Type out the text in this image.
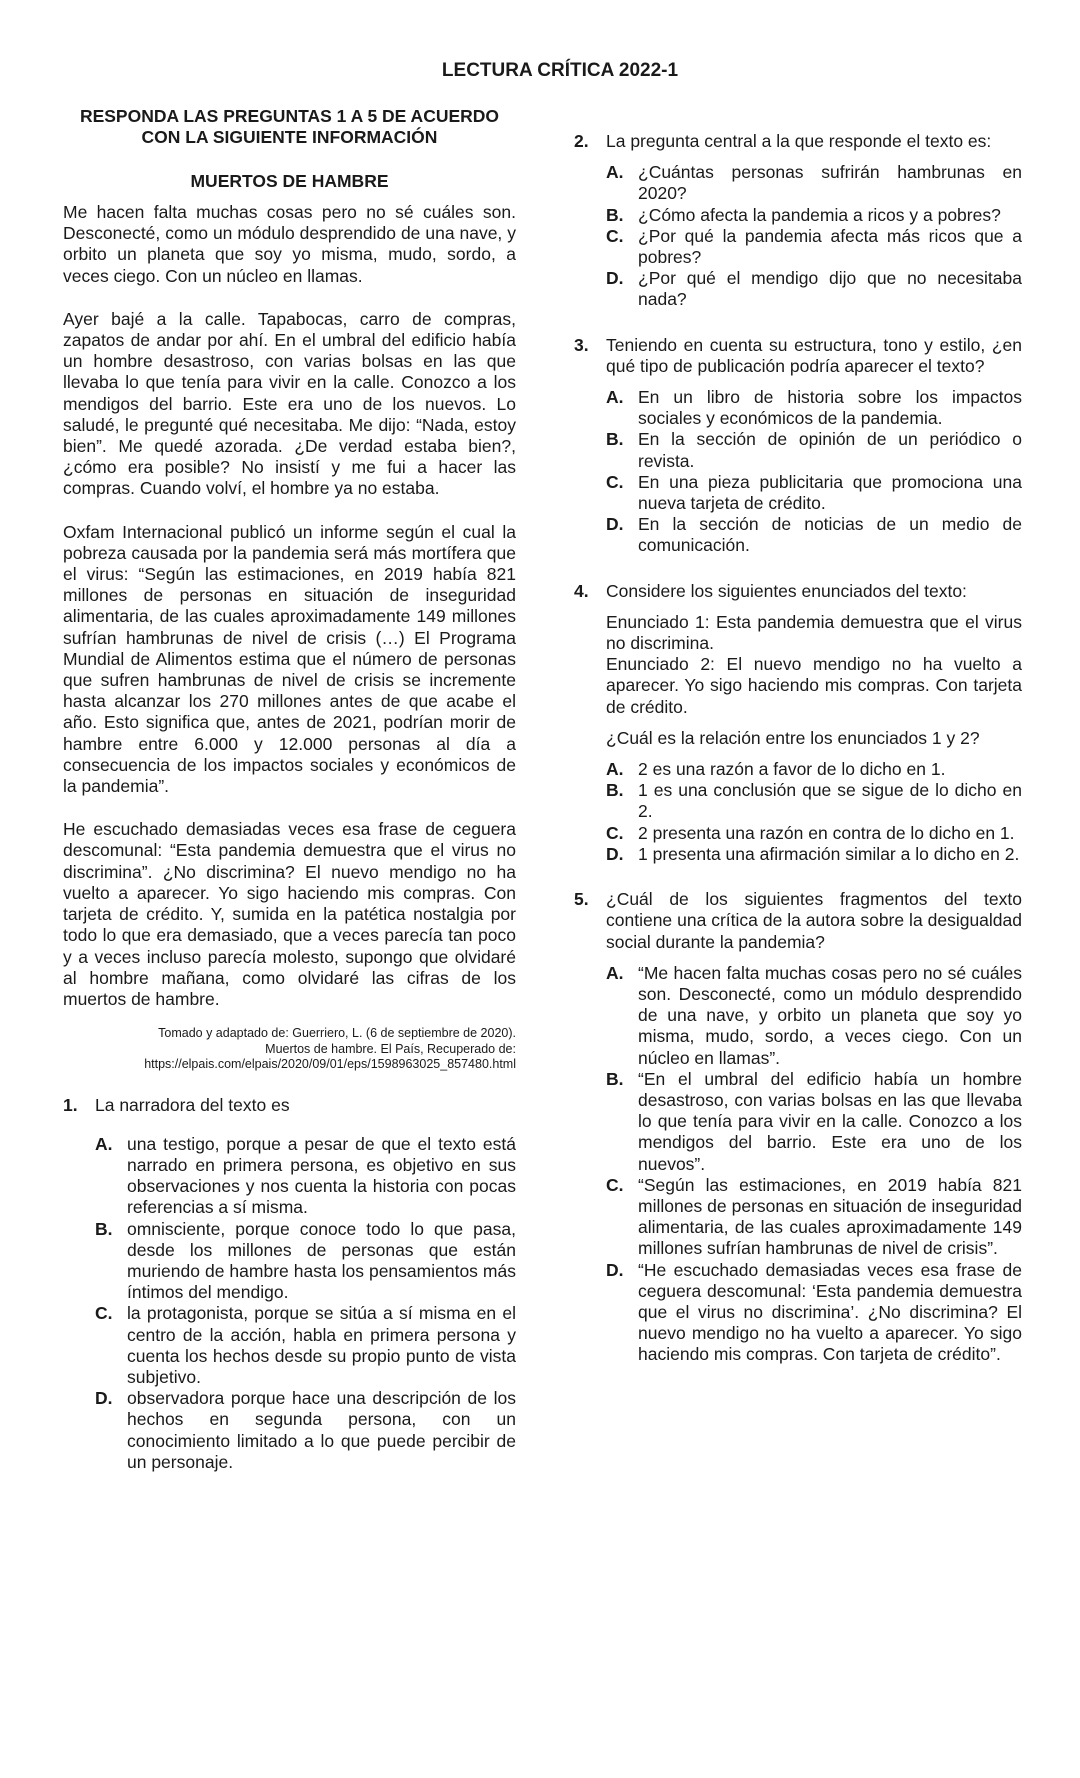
LECTURA CRÍTICA 2022-1

RESPONDA LAS PREGUNTAS 1 A 5 DE ACUERDO CON LA SIGUIENTE INFORMACIÓN

MUERTOS DE HAMBRE

Me hacen falta muchas cosas pero no sé cuáles son. Desconecté, como un módulo desprendido de una nave, y orbito un planeta que soy yo misma, mudo, sordo, a veces ciego. Con un núcleo en llamas.

Ayer bajé a la calle. Tapabocas, carro de compras, zapatos de andar por ahí. En el umbral del edificio había un hombre desastroso, con varias bolsas en las que llevaba lo que tenía para vivir en la calle. Conozco a los mendigos del barrio. Este era uno de los nuevos. Lo saludé, le pregunté qué necesitaba. Me dijo: “Nada, estoy bien”. Me quedé azorada. ¿De verdad estaba bien?, ¿cómo era posible? No insistí y me fui a hacer las compras. Cuando volví, el hombre ya no estaba.

Oxfam Internacional publicó un informe según el cual la pobreza causada por la pandemia será más mortífera que el virus: “Según las estimaciones, en 2019 había 821 millones de personas en situación de inseguridad alimentaria, de las cuales aproximadamente 149 millones sufrían hambrunas de nivel de crisis (…) El Programa Mundial de Alimentos estima que el número de personas que sufren hambrunas de nivel de crisis se incremente hasta alcanzar los 270 millones antes de que acabe el año. Esto significa que, antes de 2021, podrían morir de hambre entre 6.000 y 12.000 personas al día a consecuencia de los impactos sociales y económicos de la pandemia”.

He escuchado demasiadas veces esa frase de ceguera descomunal: “Esta pandemia demuestra que el virus no discrimina”. ¿No discrimina? El nuevo mendigo no ha vuelto a aparecer. Yo sigo haciendo mis compras. Con tarjeta de crédito. Y, sumida en la patética nostalgia por todo lo que era demasiado, que a veces parecía tan poco y a veces incluso parecía molesto, supongo que olvidaré al hombre mañana, como olvidaré las cifras de los muertos de hambre.

Tomado y adaptado de: Guerriero, L. (6 de septiembre de 2020).
Muertos de hambre. El País, Recuperado de:
https://elpais.com/elpais/2020/09/01/eps/1598963025_857480.html
1. La narradora del texto es
A. una testigo, porque a pesar de que el texto está narrado en primera persona, es objetivo en sus observaciones y nos cuenta la historia con pocas referencias a sí misma.
B. omnisciente, porque conoce todo lo que pasa, desde los millones de personas que están muriendo de hambre hasta los pensamientos más íntimos del mendigo.
C. la protagonista, porque se sitúa a sí misma en el centro de la acción, habla en primera persona y cuenta los hechos desde su propio punto de vista subjetivo.
D. observadora porque hace una descripción de los hechos en segunda persona, con un conocimiento limitado a lo que puede percibir de un personaje.
2. La pregunta central a la que responde el texto es:
A. ¿Cuántas personas sufrirán hambrunas en 2020?
B. ¿Cómo afecta la pandemia a ricos y a pobres?
C. ¿Por qué la pandemia afecta más ricos que a pobres?
D. ¿Por qué el mendigo dijo que no necesitaba nada?
3. Teniendo en cuenta su estructura, tono y estilo, ¿en qué tipo de publicación podría aparecer el texto?
A. En un libro de historia sobre los impactos sociales y económicos de la pandemia.
B. En la sección de opinión de un periódico o revista.
C. En una pieza publicitaria que promociona una nueva tarjeta de crédito.
D. En la sección de noticias de un medio de comunicación.
4. Considere los siguientes enunciados del texto:

Enunciado 1: Esta pandemia demuestra que el virus no discrimina.

Enunciado 2: El nuevo mendigo no ha vuelto a aparecer. Yo sigo haciendo mis compras. Con tarjeta de crédito.

¿Cuál es la relación entre los enunciados 1 y 2?
A. 2 es una razón a favor de lo dicho en 1.
B. 1 es una conclusión que se sigue de lo dicho en 2.
C. 2 presenta una razón en contra de lo dicho en 1.
D. 1 presenta una afirmación similar a lo dicho en 2.
5. ¿Cuál de los siguientes fragmentos del texto contiene una crítica de la autora sobre la desigualdad social durante la pandemia?
A. “Me hacen falta muchas cosas pero no sé cuáles son. Desconecté, como un módulo desprendido de una nave, y orbito un planeta que soy yo misma, mudo, sordo, a veces ciego. Con un núcleo en llamas”.
B. “En el umbral del edificio había un hombre desastroso, con varias bolsas en las que llevaba lo que tenía para vivir en la calle. Conozco a los mendigos del barrio. Este era uno de los nuevos”.
C. “Según las estimaciones, en 2019 había 821 millones de personas en situación de inseguridad alimentaria, de las cuales aproximadamente 149 millones sufrían hambrunas de nivel de crisis”.
D. “He escuchado demasiadas veces esa frase de ceguera descomunal: ‘Esta pandemia demuestra que el virus no discrimina’. ¿No discrimina? El nuevo mendigo no ha vuelto a aparecer. Yo sigo haciendo mis compras. Con tarjeta de crédito”.
